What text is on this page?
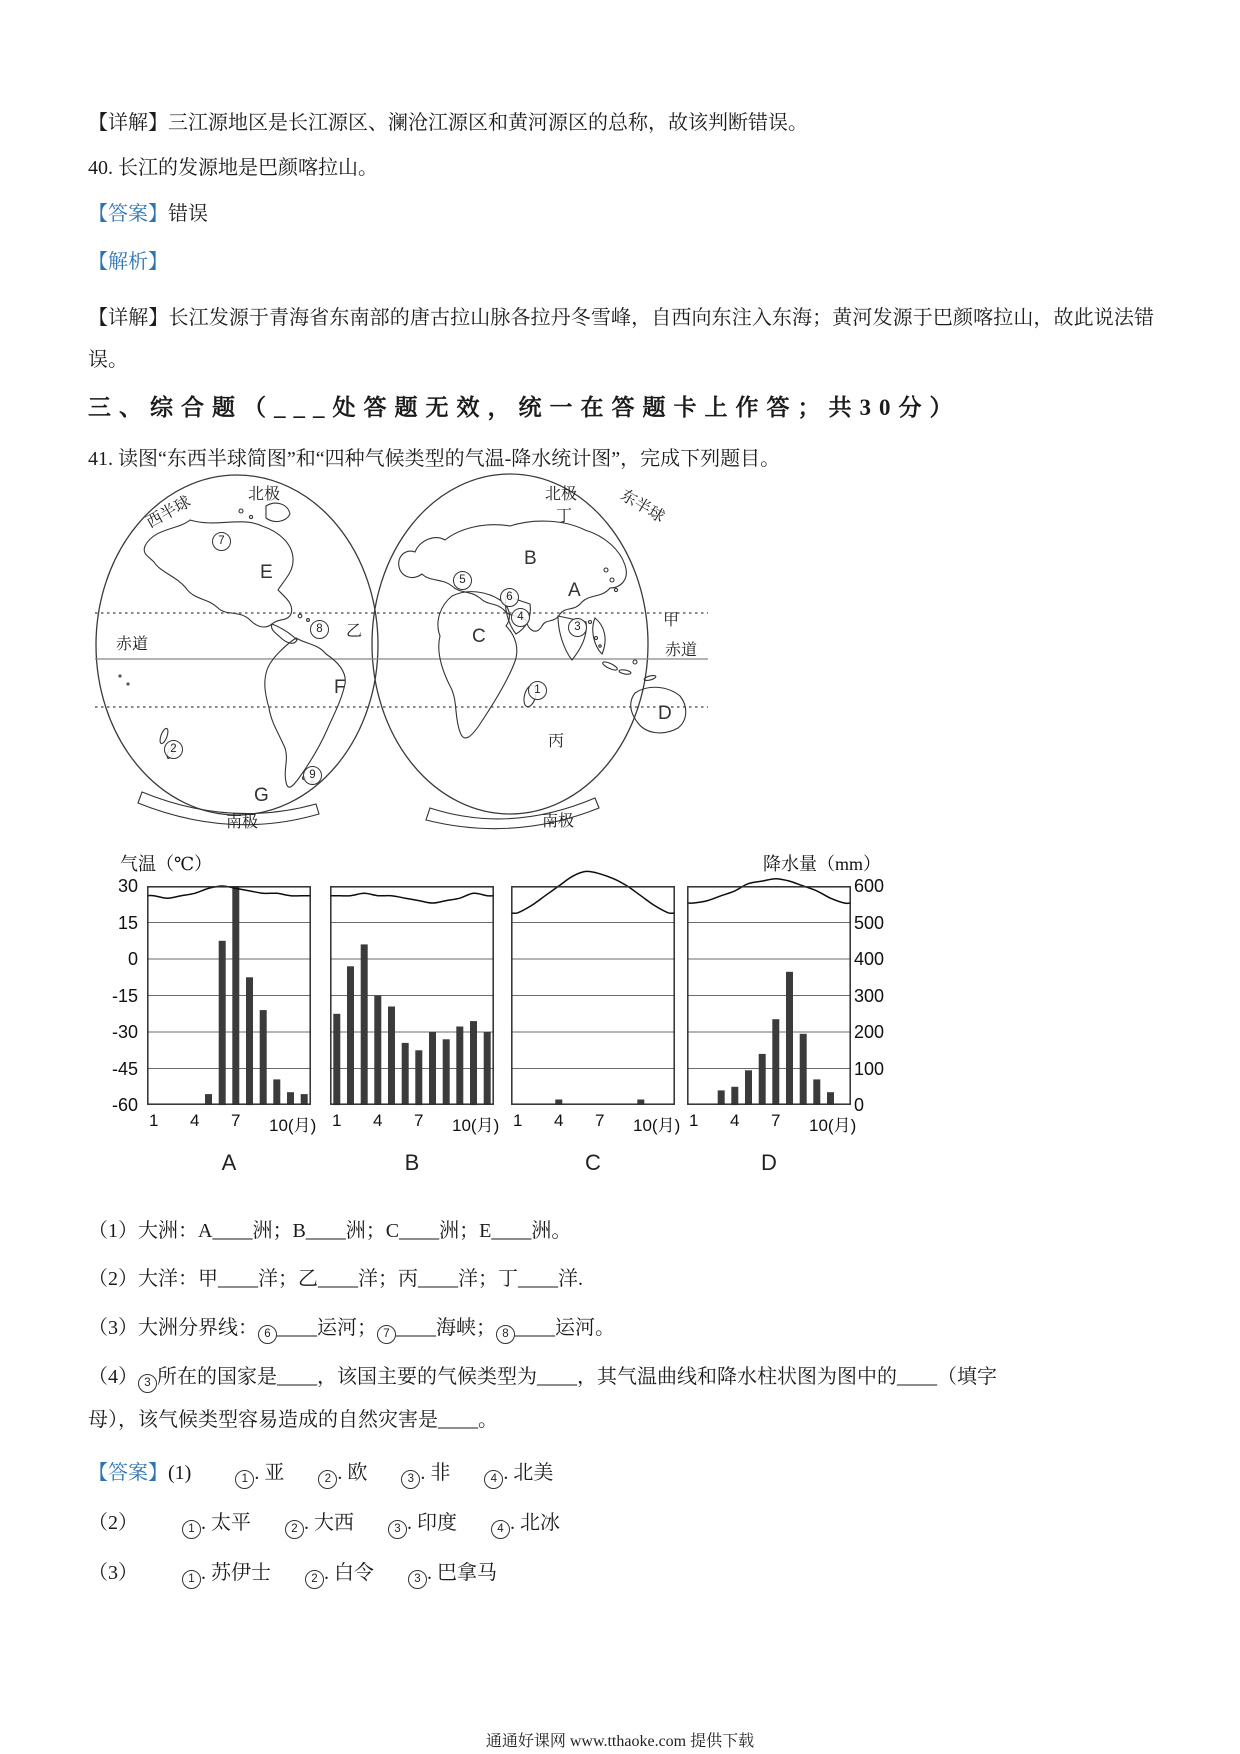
【详解】三江源地区是长江源区、澜沧江源区和黄河源区的总称，故该判断错误。
40. 长江的发源地是巴颜喀拉山。
【答案】错误
【解析】
【详解】长江发源于青海省东南部的唐古拉山脉各拉丹冬雪峰，自西向东注入东海；黄河发源于巴颜喀拉山，故此说法错误。
三、综合题（___处答题无效，统一在答题卡上作答；共30分）
41. 读图“东西半球简图”和“四种气候类型的气温-降水统计图”，完成下列题目。
西半球	北极	北极	东半球
赤道	赤道
南极	南极
丁
甲
乙
丙
E
F
G
A
B
C
D
7
8
2
9
5
6
4
3
1
气温（℃）	降水量（mm）
30
15
0
-15
-30
-45
-60
600
500
400
300
200
100
0
1 4 7 10(月)
A
1 4 7 10(月)
B
1 4 7 10(月)
C
1 4 7 10(月)
D
（1）大洲：A____洲；B____洲；C____洲；E____洲。
（2）大洋：甲____洋；乙____洋；丙____洋；丁____洋.
（3）大洲分界线： 6 ____运河； 7 ____海峡； 8 ____运河。
（4） 3 所在的国家是____，该国主要的气候类型为____，其气温曲线和降水柱状图为图中的____（填字
母），该气候类型容易造成的自然灾害是____。
【答案】(1)	1 . 亚	2 . 欧	3 . 非	4 . 北美
（2）	1 . 太平	2 . 大西	3 . 印度	4 . 北冰
（3）	1 . 苏伊士	2 . 白令	3 . 巴拿马
通通好课网 www.tthaoke.com 提供下载
